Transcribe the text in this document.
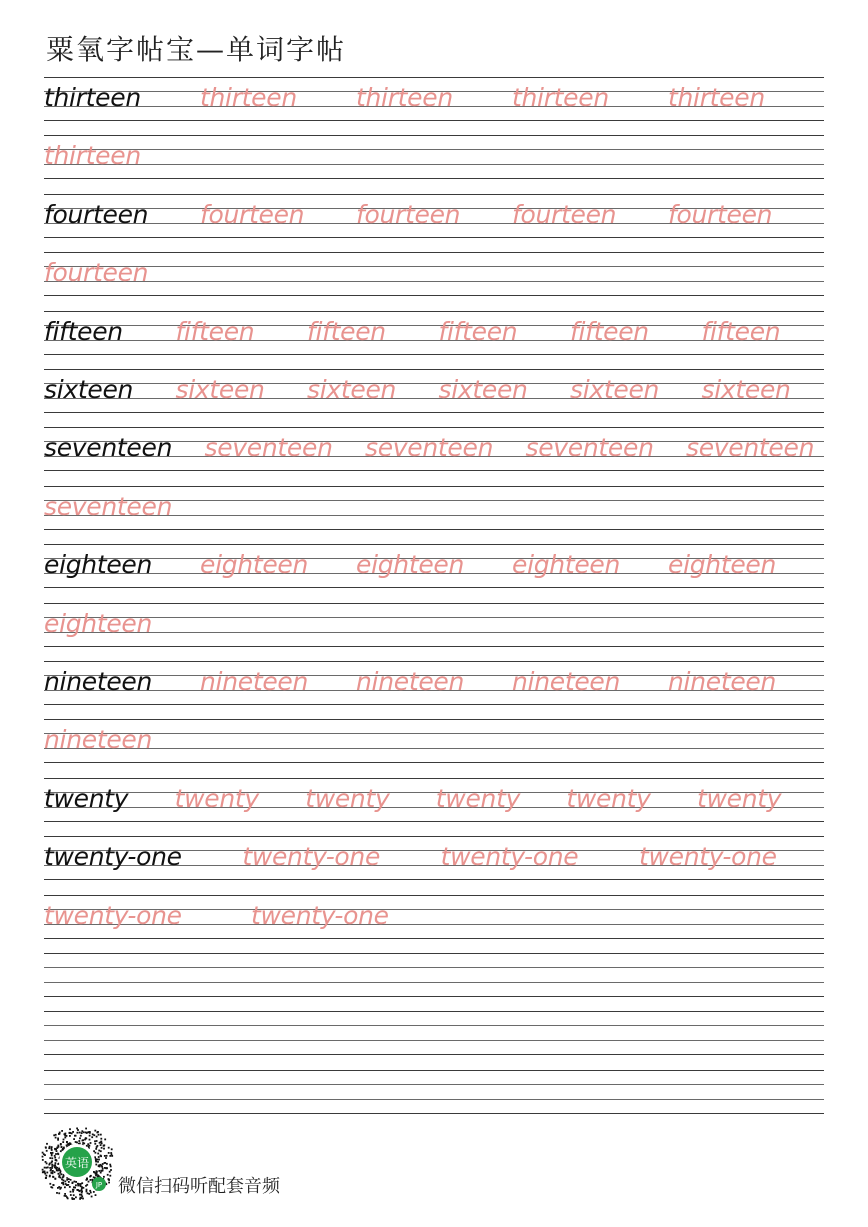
粟氧字帖宝—单词字帖
thirteen thirteen thirteen thirteen thirteen
thirteen
fourteen fourteen fourteen fourteen fourteen
fourteen
fifteen fifteen fifteen fifteen fifteen fifteen
sixteen sixteen sixteen sixteen sixteen sixteen
seventeen seventeen seventeen seventeen seventeen
seventeen
eighteen eighteen eighteen eighteen eighteen
eighteen
nineteen nineteen nineteen nineteen nineteen
nineteen
twenty twenty twenty twenty twenty twenty
twenty-one twenty-one twenty-one twenty-one
twenty-one	twenty-one
英语
JP 微信扫码听配套音频
